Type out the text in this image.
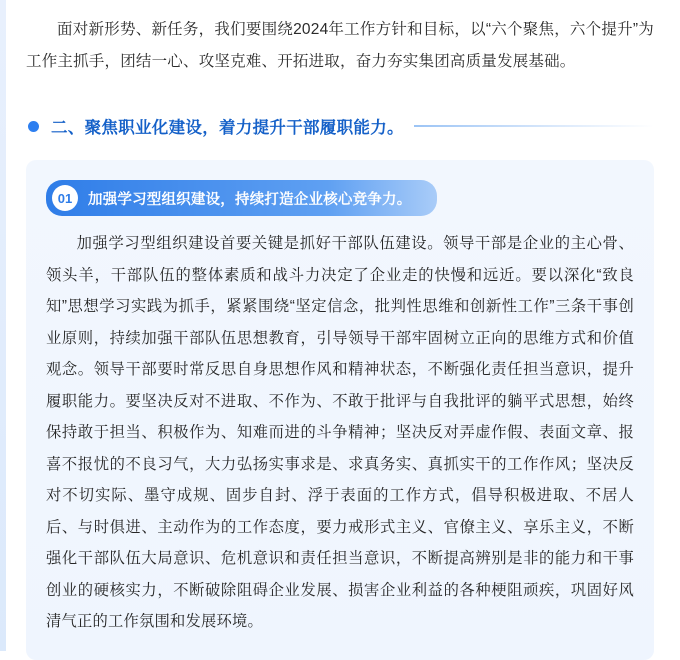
面对新形势、新任务，我们要围绕2024年工作方针和目标，以“六个聚焦，六个提升”为工作主抓手，团结一心、攻坚克难、开拓进取，奋力夯实集团高质量发展基础。

二、聚焦职业化建设，着力提升干部履职能力。
01	加强学习型组织建设，持续打造企业核心竞争力。

加强学习型组织建设首要关键是抓好干部队伍建设。领导干部是企业的主心骨、领头羊，干部队伍的整体素质和战斗力决定了企业走的快慢和远近。要以深化“致良知”思想学习实践为抓手，紧紧围绕“坚定信念，批判性思维和创新性工作”三条干事创业原则，持续加强干部队伍思想教育，引导领导干部牢固树立正向的思维方式和价值观念。领导干部要时常反思自身思想作风和精神状态，不断强化责任担当意识，提升履职能力。要坚决反对不进取、不作为、不敢于批评与自我批评的躺平式思想，始终保持敢于担当、积极作为、知难而进的斗争精神；坚决反对弄虚作假、表面文章、报喜不报忧的不良习气，大力弘扬实事求是、求真务实、真抓实干的工作作风；坚决反对不切实际、墨守成规、固步自封、浮于表面的工作方式，倡导积极进取、不居人后、与时俱进、主动作为的工作态度，要力戒形式主义、官僚主义、享乐主义，不断强化干部队伍大局意识、危机意识和责任担当意识，不断提高辨别是非的能力和干事创业的硬核实力，不断破除阻碍企业发展、损害企业利益的各种梗阻顽疾，巩固好风清气正的工作氛围和发展环境。
